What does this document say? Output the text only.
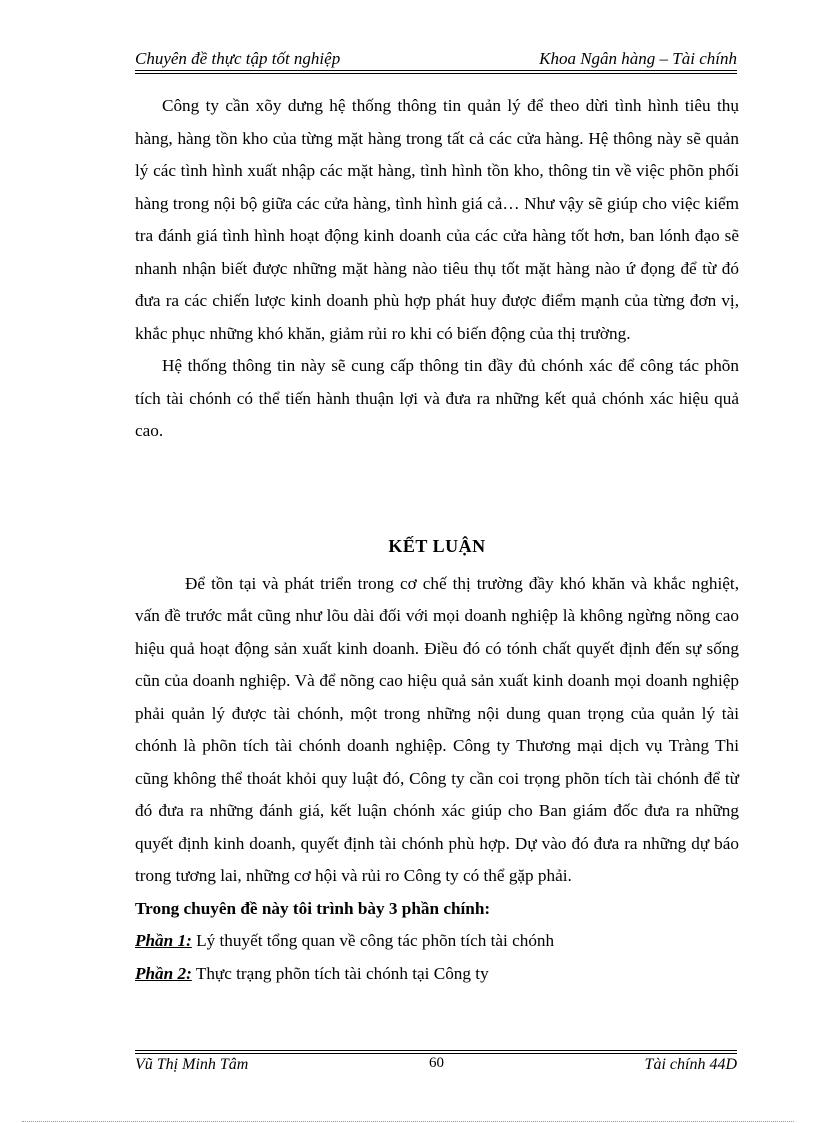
Chuyên đề thực tập tốt nghiệp	Khoa Ngân hàng – Tài chính

Công ty cần xõy dưng hệ thống thông tin quản lý để theo dừi tình hình tiêu thụ hàng, hàng tồn kho của từng mặt hàng trong tất cả các cửa hàng. Hệ thông này sẽ quản lý các tình hình xuất nhập các mặt hàng, tình hình tồn kho, thông tin về việc phõn phối hàng trong nội bộ giữa các cửa hàng, tình hình giá cả… Như vậy sẽ giúp cho việc kiểm tra đánh giá tình hình hoạt động kinh doanh của các cửa hàng tốt hơn, ban lónh đạo sẽ nhanh nhận biết được những mặt hàng nào tiêu thụ tốt mặt hàng nào ứ đọng để từ đó đưa ra các chiến lược kinh doanh phù hợp phát huy được điểm mạnh của từng đơn vị, khắc phục những khó khăn, giảm rủi ro khi có biến động của thị trường.

Hệ thống thông tin này sẽ cung cấp thông tin đầy đủ chónh xác để công tác phõn tích tài chónh có thể tiến hành thuận lợi và đưa ra những kết quả chónh xác hiệu quả cao.

KẾT LUẬN

Để tồn tại và phát triển trong cơ chế thị trường đầy khó khăn và khắc nghiệt, vấn đề trước mắt cũng như lõu dài đối với mọi doanh nghiệp là không ngừng nõng cao hiệu quả hoạt động sản xuất kinh doanh. Điều đó có tónh chất quyết định đến sự sống cũn của doanh nghiệp. Và để nõng cao hiệu quả sản xuất kinh doanh mọi doanh nghiệp phải quản lý được tài chónh, một trong những nội dung quan trọng của quản lý tài chónh là phõn tích tài chónh doanh nghiệp. Công ty Thương mại dịch vụ Tràng Thi cũng không thể thoát khỏi quy luật đó, Công ty cần coi trọng phõn tích tài chónh để từ đó đưa ra những đánh giá, kết luận chónh xác giúp cho Ban giám đốc đưa ra những quyết định kinh doanh, quyết định tài chónh phù hợp. Dự vào đó đưa ra những dự báo trong tương lai, những cơ hội và rủi ro Công ty có thể gặp phải.

Trong chuyên đề này tôi trình bày 3 phần chính:

Phần 1: Lý thuyết tổng quan về công tác phõn tích tài chónh

Phần 2: Thực trạng phõn tích tài chónh tại Công ty

Vũ Thị Minh Tâm	60	Tài chính 44D
